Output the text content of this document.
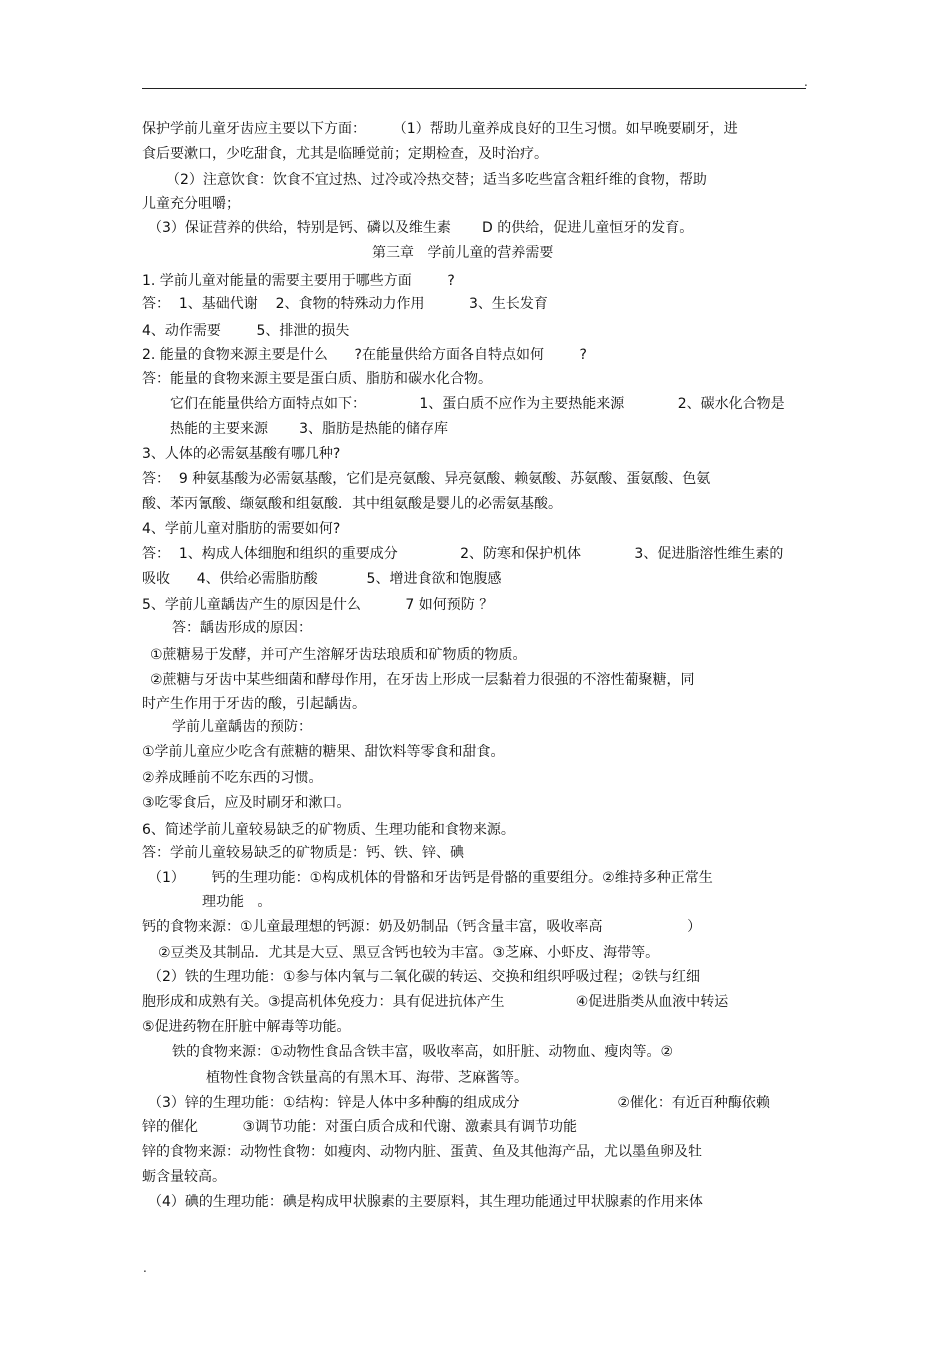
.
保护学前儿童牙齿应主要以下方面：      （1）帮助儿童养成良好的卫生习惯。如早晚要刷牙，进
食后要漱口，少吃甜食，尤其是临睡觉前；定期检查，及时治疗。
（2）注意饮食：饮食不宜过热、过冷或冷热交替；适当多吃些富含粗纤维的食物，帮助
儿童充分咀嚼；
（3）保证营养的供给，特别是钙、磷以及维生素       D 的供给，促进儿童恒牙的发育。
第三章   学前儿童的营养需要
1. 学前儿童对能量的需要主要用于哪些方面        ?
答：  1、基础代谢    2、食物的特殊动力作用          3、生长发育
4、动作需要        5、排泄的损失
2. 能量的食物来源主要是什么      ?在能量供给方面各自特点如何        ?
答：能量的食物来源主要是蛋白质、脂肪和碳水化合物。
它们在能量供给方面特点如下：            1、蛋白质不应作为主要热能来源            2、碳水化合物是
热能的主要来源       3、脂肪是热能的储存库
3、人体的必需氨基酸有哪几种?
答：  9 种氨基酸为必需氨基酸，它们是亮氨酸、异亮氨酸、赖氨酸、苏氨酸、蛋氨酸、色氨
酸、苯丙氰酸、缬氨酸和组氨酸．其中组氨酸是婴儿的必需氨基酸。
4、学前儿童对脂肪的需要如何?
答：  1、构成人体细胞和组织的重要成分              2、防寒和保护机体            3、促进脂溶性维生素的
吸收      4、供给必需脂肪酸           5、增进食欲和饱腹感
5、学前儿童龋齿产生的原因是什么          7 如何预防 ？
答：龋齿形成的原因：
①蔗糖易于发酵，并可产生溶解牙齿珐琅质和矿物质的物质。
②蔗糖与牙齿中某些细菌和酵母作用，在牙齿上形成一层黏着力很强的不溶性葡聚糖，同
时产生作用于牙齿的酸，引起龋齿。
学前儿童龋齿的预防：
①学前儿童应少吃含有蔗糖的糖果、甜饮料等零食和甜食。
②养成睡前不吃东西的习惯。
③吃零食后，应及时刷牙和漱口。
6、简述学前儿童较易缺乏的矿物质、生理功能和食物来源。
答：学前儿童较易缺乏的矿物质是：钙、铁、锌、碘
（1）      钙的生理功能：①构成机体的骨骼和牙齿钙是骨骼的重要组分。②维持多种正常生
理功能   。
钙的食物来源：①儿童最理想的钙源：奶及奶制品（钙含量丰富，吸收率高                   ）
②豆类及其制品．尤其是大豆、黑豆含钙也较为丰富。③芝麻、小虾皮、海带等。
（2）铁的生理功能：①参与体内氧与二氧化碳的转运、交换和组织呼吸过程；②铁与红细
胞形成和成熟有关。③提高机体免疫力：具有促进抗体产生                ④促进脂类从血液中转运
⑤促进药物在肝脏中解毒等功能。
铁的食物来源：①动物性食品含铁丰富，吸收率高，如肝脏、动物血、瘦肉等。②
植物性食物含铁量高的有黑木耳、海带、芝麻酱等。
（3）锌的生理功能：①结构：锌是人体中多种酶的组成成分                      ②催化：有近百种酶依赖
锌的催化          ③调节功能：对蛋白质合成和代谢、激素具有调节功能
锌的食物来源：动物性食物：如瘦肉、动物内脏、蛋黄、鱼及其他海产品，尤以墨鱼卵及牡
蛎含量较高。
（4）碘的生理功能：碘是构成甲状腺素的主要原料，其生理功能通过甲状腺素的作用来体
.
